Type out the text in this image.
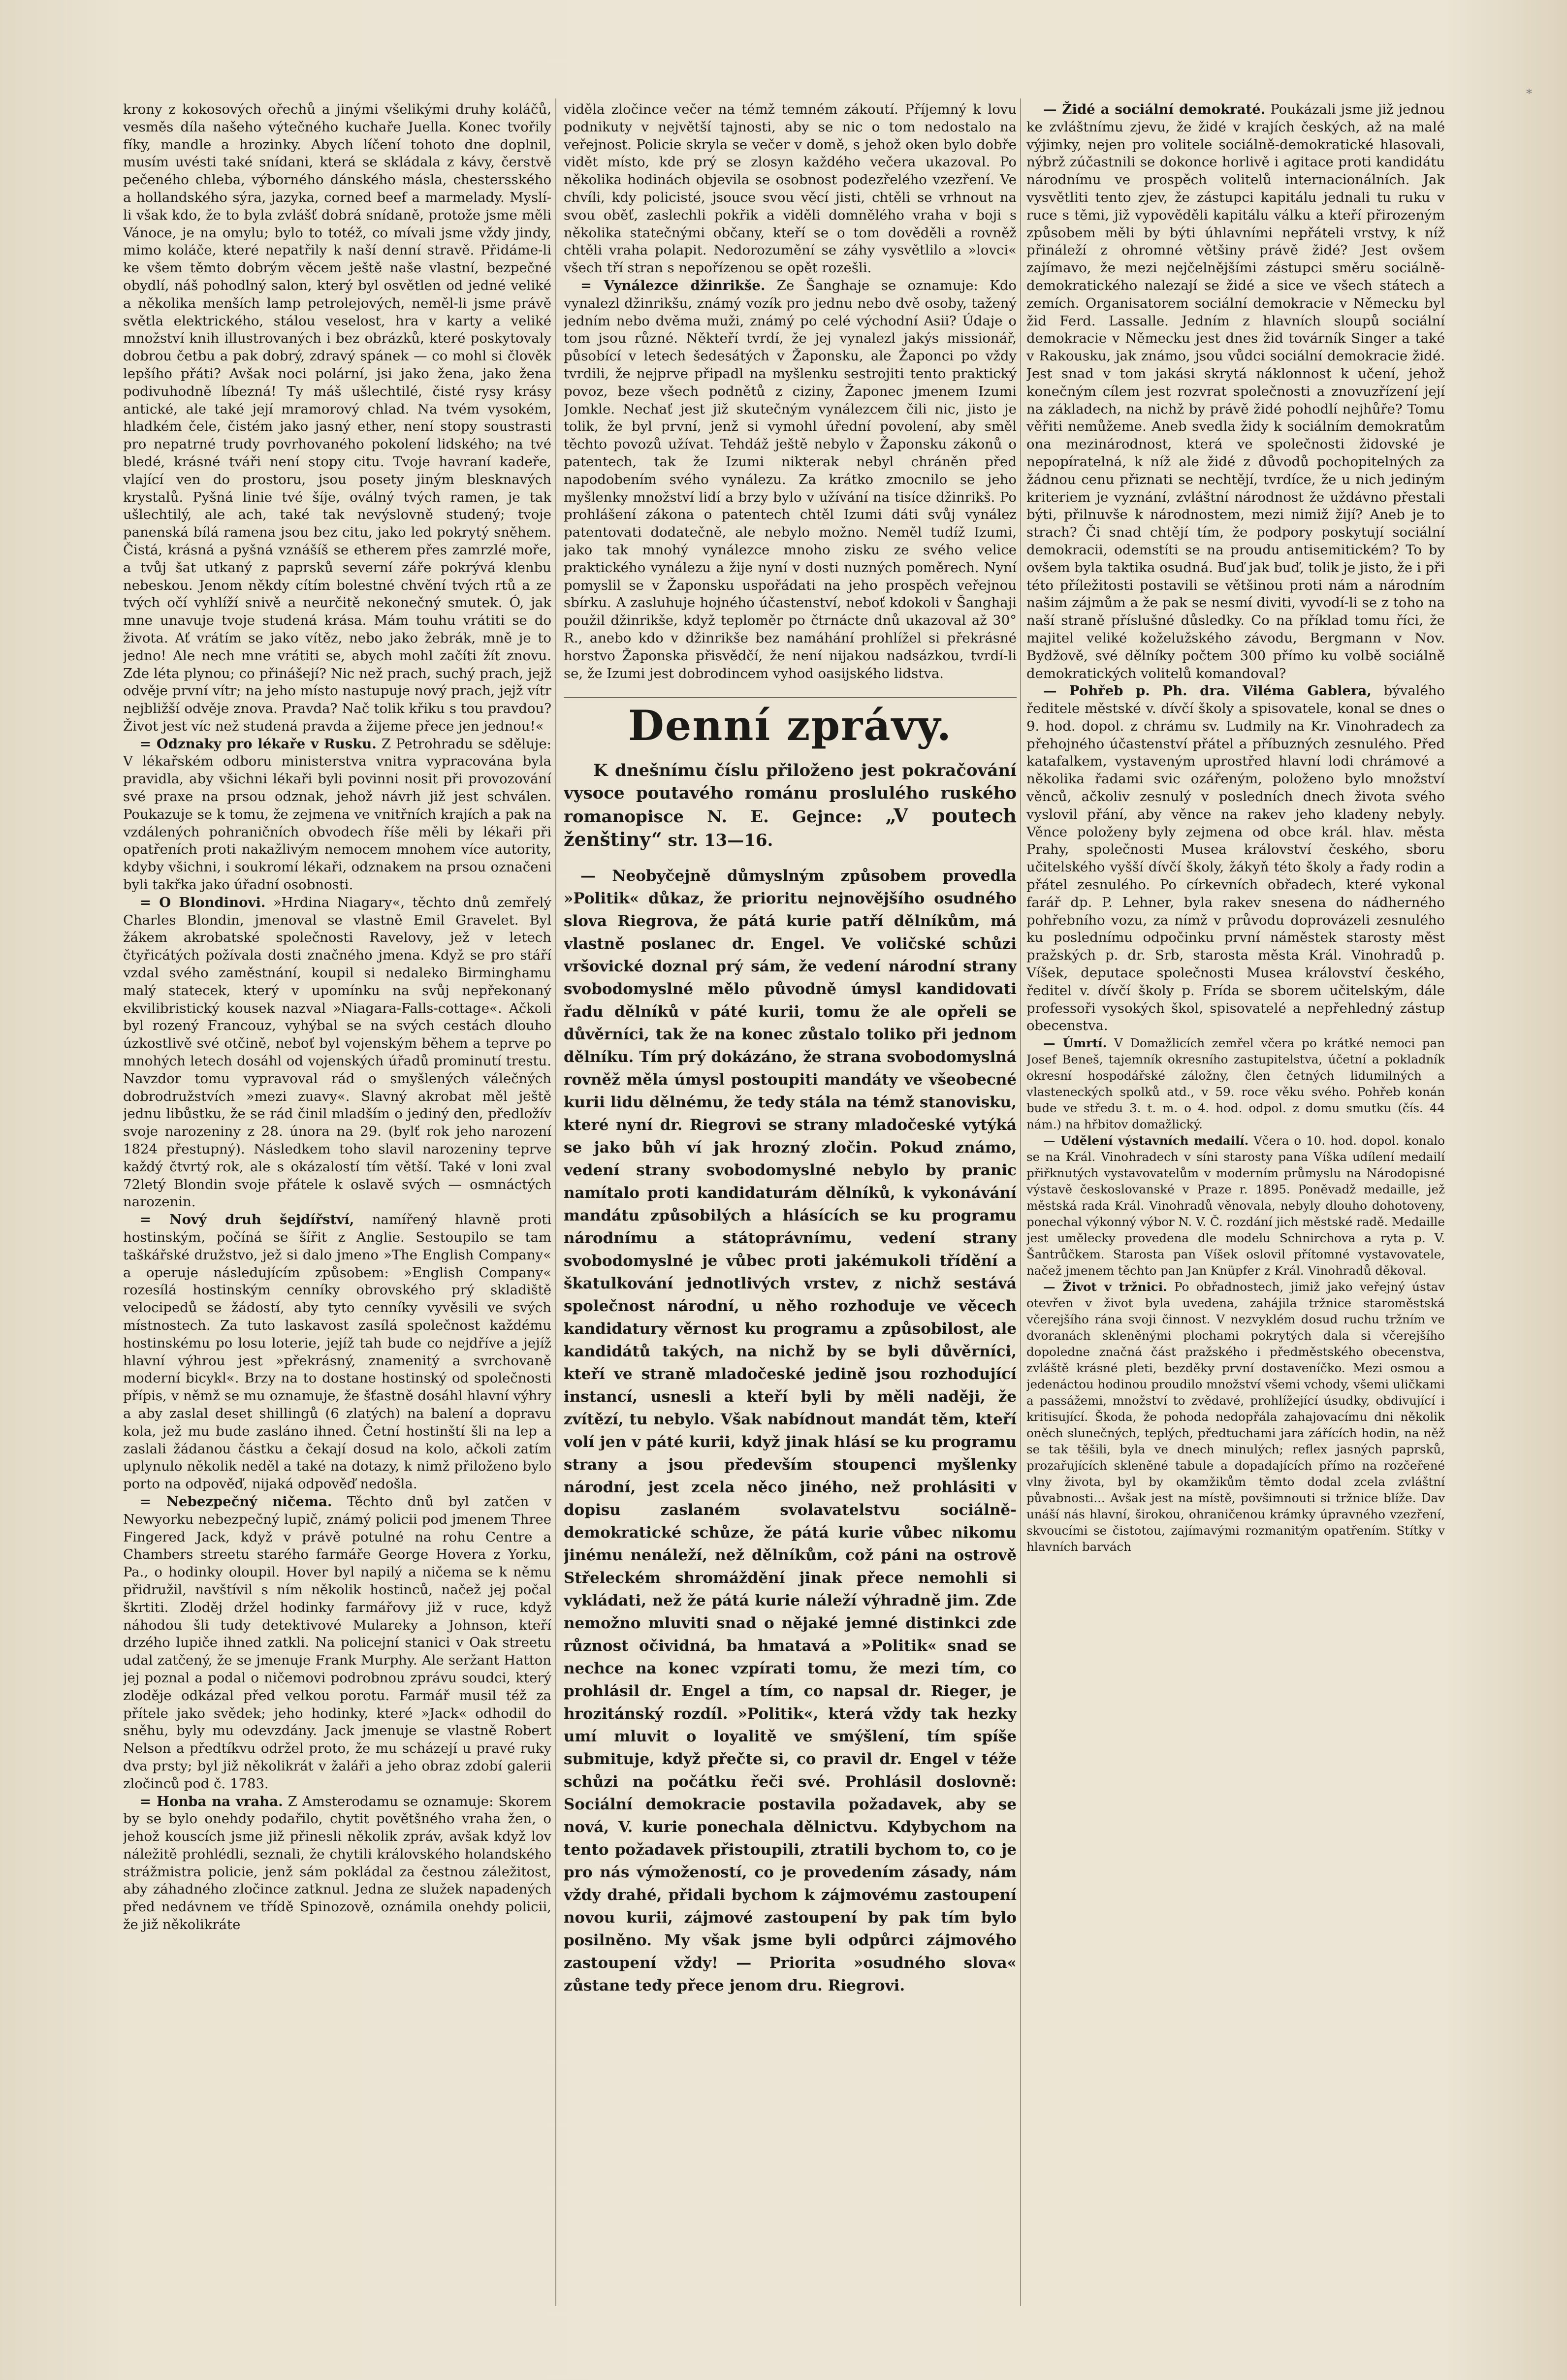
*

krony z kokosových ořechů a jinými všelikými druhy koláčů, vesměs díla našeho výtečného kuchaře Juella. Konec tvořily fíky, mandle a hrozinky. Abych líčení tohoto dne doplnil, musím uvésti také snídani, která se skládala z kávy, čerstvě pečeného chleba, výborného dánského másla, chestersského a hollandského sýra, jazyka, corned beef a marmelady. Myslí-li však kdo, že to byla zvlášť dobrá snídaně, protože jsme měli Vánoce, je na omylu; bylo to totéž, co mívali jsme vždy jindy, mimo koláče, které nepatřily k naší denní stravě. Přidáme-li ke všem těmto dobrým věcem ještě naše vlastní, bezpečné obydlí, náš pohodlný salon, který byl osvětlen od jedné veliké a několika menších lamp petrolejových, neměl-li jsme právě světla elektrického, stálou veselost, hra v karty a veliké množství knih illustrovaných i bez obrázků, které poskytovaly dobrou četbu a pak dobrý, zdravý spánek — co mohl si člověk lepšího přáti? Avšak noci polární, jsi jako žena, jako žena podivuhodně líbezná! Ty máš ušlechtilé, čisté rysy krásy antické, ale také její mramorový chlad. Na tvém vysokém, hladkém čele, čistém jako jasný ether, není stopy soustrasti pro nepatrné trudy povrhovaného pokolení lidského; na tvé bledé, krásné tváři není stopy citu. Tvoje havraní kadeře, vlající ven do prostoru, jsou posety jiným blesknavých krystalů. Pyšná linie tvé šíje, oválný tvých ramen, je tak ušlechtilý, ale ach, také tak nevýslovně studený; tvoje panenská bílá ramena jsou bez citu, jako led pokrytý sněhem. Čistá, krásná a pyšná vznášíš se etherem přes zamrzlé moře, a tvůj šat utkaný z paprsků severní záře pokrývá klenbu nebeskou. Jenom někdy cítím bolestné chvění tvých rtů a ze tvých očí vyhlíží snivě a neurčitě nekonečný smutek. Ó, jak mne unavuje tvoje studená krása. Mám touhu vrátiti se do života. Ať vrátím se jako vítěz, nebo jako žebrák, mně je to jedno! Ale nech mne vrátiti se, abych mohl začíti žít znovu. Zde léta plynou; co přinášejí? Nic než prach, suchý prach, jejž odvěje první vítr; na jeho místo nastupuje nový prach, jejž vítr nejbližší odvěje znova. Pravda? Nač tolik křiku s tou pravdou? Život jest víc než studená pravda a žijeme přece jen jednou!«

= Odznaky pro lékaře v Rusku. Z Petrohradu se sděluje: V lékařském odboru ministerstva vnitra vypracována byla pravidla, aby všichni lékaři byli povinni nosit při provozování své praxe na prsou odznak, jehož návrh již jest schválen. Poukazuje se k tomu, že zejmena ve vnitřních krajích a pak na vzdálených pohraničních obvodech říše měli by lékaři při opatřeních proti nakažlivým nemocem mnohem více autority, kdyby všichni, i soukromí lékaři, odznakem na prsou označeni byli takřka jako úřadní osobnosti.

= O Blondinovi. »Hrdina Niagary«, těchto dnů zemřelý Charles Blondin, jmenoval se vlastně Emil Gravelet. Byl žákem akrobatské společnosti Ravelovy, jež v letech čtyřicátých požívala dosti značného jmena. Když se pro stáří vzdal svého zaměstnání, koupil si nedaleko Birminghamu malý statecek, který v upomínku na svůj nepřekonaný ekvilibristický kousek nazval »Niagara-Falls-cottage«. Ačkoli byl rozený Francouz, vyhýbal se na svých cestách dlouho úzkostlivě své otčině, neboť byl vojenským během a teprve po mnohých letech dosáhl od vojenských úřadů prominutí trestu. Navzdor tomu vypravoval rád o smyšlených válečných dobrodružstvích »mezi zuavy«. Slavný akrobat měl ještě jednu libůstku, že se rád činil mladším o jediný den, předložív svoje narozeniny z 28. února na 29. (bylť rok jeho narození 1824 přestupný). Následkem toho slavil narozeniny teprve každý čtvrtý rok, ale s okázalostí tím větší. Také v loni zval 72letý Blondin svoje přátele k oslavě svých — osmnáctých narozenin.

= Nový druh šejdířství, namířený hlavně proti hostinským, počíná se šířit z Anglie. Sestoupilo se tam taškářské družstvo, jež si dalo jmeno »The English Company« a operuje následujícím způsobem: »English Company« rozesílá hostinským cenníky obrovského prý skladiště velocipedů se žádostí, aby tyto cenníky vyvěsili ve svých místnostech. Za tuto laskavost zasílá společnost každému hostinskému po losu loterie, jejíž tah bude co nejdříve a jejíž hlavní výhrou jest »překrásný, znamenitý a svrchovaně moderní bicykl«. Brzy na to dostane hostinský od společnosti přípis, v němž se mu oznamuje, že šťastně dosáhl hlavní výhry a aby zaslal deset shillingů (6 zlatých) na balení a dopravu kola, jež mu bude zasláno ihned. Četní hostinští šli na lep a zaslali žádanou částku a čekají dosud na kolo, ačkoli zatím uplynulo několik neděl a také na dotazy, k nimž přiloženo bylo porto na odpověď, nijaká odpověď nedošla.

= Nebezpečný ničema. Těchto dnů byl zatčen v Newyorku nebezpečný lupič, známý policii pod jmenem Three Fingered Jack, když v právě potulné na rohu Centre a Chambers streetu starého farmáře George Hovera z Yorku, Pa., o hodinky oloupil. Hover byl napilý a ničema se k němu přidružil, navštívil s ním několik hostinců, načež jej počal škrtiti. Zloděj držel hodinky farmářovy již v ruce, když náhodou šli tudy detektivové Mulareky a Johnson, kteří drzého lupiče ihned zatkli. Na policejní stanici v Oak streetu udal zatčený, že se jmenuje Frank Murphy. Ale seržant Hatton jej poznal a podal o ničemovi podrobnou zprávu soudci, který zloděje odkázal před velkou porotu. Farmář musil též za přítele jako svědek; jeho hodinky, které »Jack« odhodil do sněhu, byly mu odevzdány. Jack jmenuje se vlastně Robert Nelson a předtíkvu održel proto, že mu scházejí u pravé ruky dva prsty; byl již několikrát v žaláři a jeho obraz zdobí galerii zločinců pod č. 1783.

= Honba na vraha. Z Amsterodamu se oznamuje: Skorem by se bylo onehdy podařilo, chytit povětšného vraha žen, o jehož kouscích jsme již přinesli několik zpráv, avšak když lov náležitě prohlédli, seznali, že chytili královského holandského strážmistra policie, jenž sám pokládal za čestnou záležitost, aby záhadného zločince zatknul. Jedna ze služek napadených před nedávnem ve třídě Spinozově, oznámila onehdy policii, že již několikráte

viděla zločince večer na témž temném zákoutí. Příjemný k lovu podnikuty v největší tajnosti, aby se nic o tom nedostalo na veřejnost. Policie skryla se večer v domě, s jehož oken bylo dobře vidět místo, kde prý se zlosyn každého večera ukazoval. Po několika hodinách objevila se osobnost podezřelého vzezření. Ve chvíli, kdy policisté, jsouce svou věcí jisti, chtěli se vrhnout na svou oběť, zaslechli pokřik a viděli domnělého vraha v boji s několika statečnými občany, kteří se o tom dověděli a rovněž chtěli vraha polapit. Nedorozumění se záhy vysvětlilo a »lovci« všech tří stran s nepořízenou se opět rozešli.

= Vynálezce džinrikše. Ze Šanghaje se oznamuje: Kdo vynalezl džinrikšu, známý vozík pro jednu nebo dvě osoby, tažený jedním nebo dvěma muži, známý po celé východní Asii? Údaje o tom jsou různé. Někteří tvrdí, že jej vynalezl jakýs missionář, působící v letech šedesátých v Žaponsku, ale Žaponci po vždy tvrdili, že nejprve připadl na myšlenku sestrojiti tento praktický povoz, beze všech podnětů z ciziny, Žaponec jmenem Izumi Jomkle. Nechať jest již skutečným vynálezcem čili nic, jisto je tolik, že byl první, jenž si vymohl úřední povolení, aby směl těchto povozů užívat. Tehdáž ještě nebylo v Žaponsku zákonů o patentech, tak že Izumi nikterak nebyl chráněn před napodobením svého vynálezu. Za krátko zmocnilo se jeho myšlenky množství lidí a brzy bylo v užívání na tisíce džinrikš. Po prohlášení zákona o patentech chtěl Izumi dáti svůj vynález patentovati dodatečně, ale nebylo možno. Neměl tudíž Izumi, jako tak mnohý vynálezce mnoho zisku ze svého velice praktického vynálezu a žije nyní v dosti nuzných poměrech. Nyní pomyslil se v Žaponsku uspořádati na jeho prospěch veřejnou sbírku. A zasluhuje hojného účastenství, neboť kdokoli v Šanghaji použil džinrikše, když teploměr po čtrnácte dnů ukazoval až 30° R., anebo kdo v džinrikše bez namáhání prohlížel si překrásné horstvo Žaponska přisvědčí, že není nijakou nadsázkou, tvrdí-li se, že Izumi jest dobrodincem vyhod oasijského lidstva.

Denní zprávy.

K dnešnímu číslu přiloženo jest pokračování vysoce poutavého románu proslulého ruského romanopisce N. E. Gejnce: „V poutech ženštiny“ str. 13—16.

— Neobyčejně důmyslným způsobem provedla »Politik« důkaz, že prioritu nejnovějšího osudného slova Riegrova, že pátá kurie patří dělníkům, má vlastně poslanec dr. Engel. Ve voličské schůzi vršovické doznal prý sám, že vedení národní strany svobodomyslné mělo původně úmysl kandidovati řadu dělníků v páté kurii, tomu že ale opřeli se důvěrníci, tak že na konec zůstalo toliko při jednom dělníku. Tím prý dokázáno, že strana svobodomyslná rovněž měla úmysl postoupiti mandáty ve všeobecné kurii lidu dělnému, že tedy stála na témž stanovisku, které nyní dr. Riegrovi se strany mladočeské vytýká se jako bůh ví jak hrozný zločin. Pokud známo, vedení strany svobodomyslné nebylo by pranic namítalo proti kandidaturám dělníků, k vykonávání mandátu způsobilých a hlásících se ku programu národnímu a státoprávnímu, vedení strany svobodomyslné je vůbec proti jakémukoli třídění a škatulkování jednotlivých vrstev, z nichž sestává společnost národní, u něho rozhoduje ve věcech kandidatury věrnost ku programu a způsobilost, ale kandidátů takých, na nichž by se byli důvěrníci, kteří ve straně mladočeské jedině jsou rozhodující instancí, usnesli a kteří byli by měli naději, že zvítězí, tu nebylo. Však nabídnout mandát těm, kteří volí jen v páté kurii, když jinak hlásí se ku programu strany a jsou především stoupenci myšlenky národní, jest zcela něco jiného, než prohlásiti v dopisu zaslaném svolavatelstvu sociálně-demokratické schůze, že pátá kurie vůbec nikomu jinému nenáleží, než dělníkům, což páni na ostrově Střeleckém shromáždění jinak přece nemohli si vykládati, než že pátá kurie náleží výhradně jim. Zde nemožno mluviti snad o nějaké jemné distinkci zde různost očividná, ba hmatavá a »Politik« snad se nechce na konec vzpírati tomu, že mezi tím, co prohlásil dr. Engel a tím, co napsal dr. Rieger, je hrozitánský rozdíl. »Politik«, která vždy tak hezky umí mluvit o loyalitě ve smýšlení, tím spíše submituje, když přečte si, co pravil dr. Engel v téže schůzi na počátku řeči své. Prohlásil doslovně: Sociální demokracie postavila požadavek, aby se nová, V. kurie ponechala dělnictvu. Kdybychom na tento požadavek přistoupili, ztratili bychom to, co je pro nás výmožeností, co je provedením zásady, nám vždy drahé, přidali bychom k zájmovému zastoupení novou kurii, zájmové zastoupení by pak tím bylo posilněno. My však jsme byli odpůrci zájmového zastoupení vždy! — Priorita »osudného slova« zůstane tedy přece jenom dru. Riegrovi.

— Židé a sociální demokraté. Poukázali jsme již jednou ke zvláštnímu zjevu, že židé v krajích českých, až na malé výjimky, nejen pro volitele sociálně-demokratické hlasovali, nýbrž zúčastnili se dokonce horlivě i agitace proti kandidátu národnímu ve prospěch volitelů internacionálních. Jak vysvětliti tento zjev, že zástupci kapitálu jednali tu ruku v ruce s těmi, již vypověděli kapitálu válku a kteří přirozeným způsobem měli by býti úhlavními nepřáteli vrstvy, k níž přináleží z ohromné většiny právě židé? Jest ovšem zajímavo, že mezi nejčelnějšími zástupci směru sociálně-demokratického nalezají se židé a sice ve všech státech a zemích. Organisatorem sociální demokracie v Německu byl žid Ferd. Lassalle. Jedním z hlavních sloupů sociální demokracie v Německu jest dnes žid továrník Singer a také v Rakousku, jak známo, jsou vůdci sociální demokracie židé. Jest snad v tom jakási skrytá náklonnost k učení, jehož konečným cílem jest rozvrat společnosti a znovuzřízení její na základech, na nichž by právě židé pohodlí nejhůře? Tomu věřiti nemůžeme. Aneb svedla židy k sociálním demokratům ona mezinárodnost, která ve společnosti židovské je nepopíratelná, k níž ale židé z důvodů pochopitelných za žádnou cenu přiznati se nechtějí, tvrdíce, že u nich jediným kriteriem je vyznání, zvláštní národnost že uždávno přestali býti, přilnuvše k národnostem, mezi nimiž žijí? Aneb je to strach? Či snad chtějí tím, že podpory poskytují sociální demokracii, odemstíti se na proudu antisemitickém? To by ovšem byla taktika osudná. Buď jak buď, tolik je jisto, že i při této příležitosti postavili se většinou proti nám a národním našim zájmům a že pak se nesmí diviti, vyvodí-li se z toho na naší straně příslušné důsledky. Co na příklad tomu říci, že majitel veliké koželužského závodu, Bergmann v Nov. Bydžově, své dělníky počtem 300 přímo ku volbě sociálně demokratických volitelů komandoval?

— Pohřeb p. Ph. dra. Viléma Gablera, bývalého ředitele městské v. dívčí školy a spisovatele, konal se dnes o 9. hod. dopol. z chrámu sv. Ludmily na Kr. Vinohradech za přehojného účastenství přátel a příbuzných zesnulého. Před katafalkem, vystaveným uprostřed hlavní lodi chrámové a několika řadami svic ozářeným, položeno bylo množství věnců, ačkoliv zesnulý v posledních dnech života svého vyslovil přání, aby věnce na rakev jeho kladeny nebyly. Věnce položeny byly zejmena od obce král. hlav. města Prahy, společnosti Musea království českého, sboru učitelského vyšší dívčí školy, žákyň této školy a řady rodin a přátel zesnulého. Po církevních obřadech, které vykonal farář dp. P. Lehner, byla rakev snesena do nádherného pohřebního vozu, za nímž v průvodu doprovázeli zesnulého ku poslednímu odpočinku první náměstek starosty měst pražských p. dr. Srb, starosta města Král. Vinohradů p. Víšek, deputace společnosti Musea království českého, ředitel v. dívčí školy p. Frída se sborem učitelským, dále professoři vysokých škol, spisovatelé a nepřehledný zástup obecenstva.

— Úmrtí. V Domažlicích zemřel včera po krátké nemoci pan Josef Beneš, tajemník okresního zastupitelstva, účetní a pokladník okresní hospodářské záložny, člen četných lidumilných a vlasteneckých spolků atd., v 59. roce věku svého. Pohřeb konán bude ve středu 3. t. m. o 4. hod. odpol. z domu smutku (čís. 44 nám.) na hřbitov domažlický.

— Udělení výstavních medailí. Včera o 10. hod. dopol. konalo se na Král. Vinohradech v síni starosty pana Víška udílení medailí přiřknutých vystavovatelům v moderním průmyslu na Národopisné výstavě českoslovanské v Praze r. 1895. Poněvadž medaille, jež městská rada Král. Vinohradů věnovala, nebyly dlouho dohotoveny, ponechal výkonný výbor N. V. Č. rozdání jich městské radě. Medaille jest umělecky provedena dle modelu Schnirchova a ryta p. V. Šantrůčkem. Starosta pan Víšek oslovil přítomné vystavovatele, načež jmenem těchto pan Jan Knüpfer z Král. Vinohradů děkoval.

— Život v tržnici. Po obřadnostech, jimiž jako veřejný ústav otevřen v život byla uvedena, zahájila tržnice staroměstská včerejšího rána svoji činnost. V nezvyklém dosud ruchu tržním ve dvoranách skleněnými plochami pokrytých dala si včerejšího dopoledne značná část pražského i předměstského obecenstva, zvláště krásné pleti, bezděky první dostaveníčko. Mezi osmou a jedenáctou hodinou proudilo množství všemi vchody, všemi uličkami a passážemi, množství to zvědavé, prohlížející úsudky, obdivující i kritisující. Škoda, že pohoda nedopřála zahajovacímu dni několik oněch slunečných, teplých, předtuchami jara zářících hodin, na něž se tak těšili, byla ve dnech minulých; reflex jasných paprsků, prozařujících skleněné tabule a dopadajících přímo na rozčeřené vlny života, byl by okamžikům těmto dodal zcela zvláštní půvabnosti... Avšak jest na místě, povšimnouti si tržnice blíže. Dav unáší nás hlavní, širokou, ohraničenou krámky úpravného vzezření, skvoucími se čistotou, zajímavými rozmanitým opatřením. Stítky v hlavních barvách
